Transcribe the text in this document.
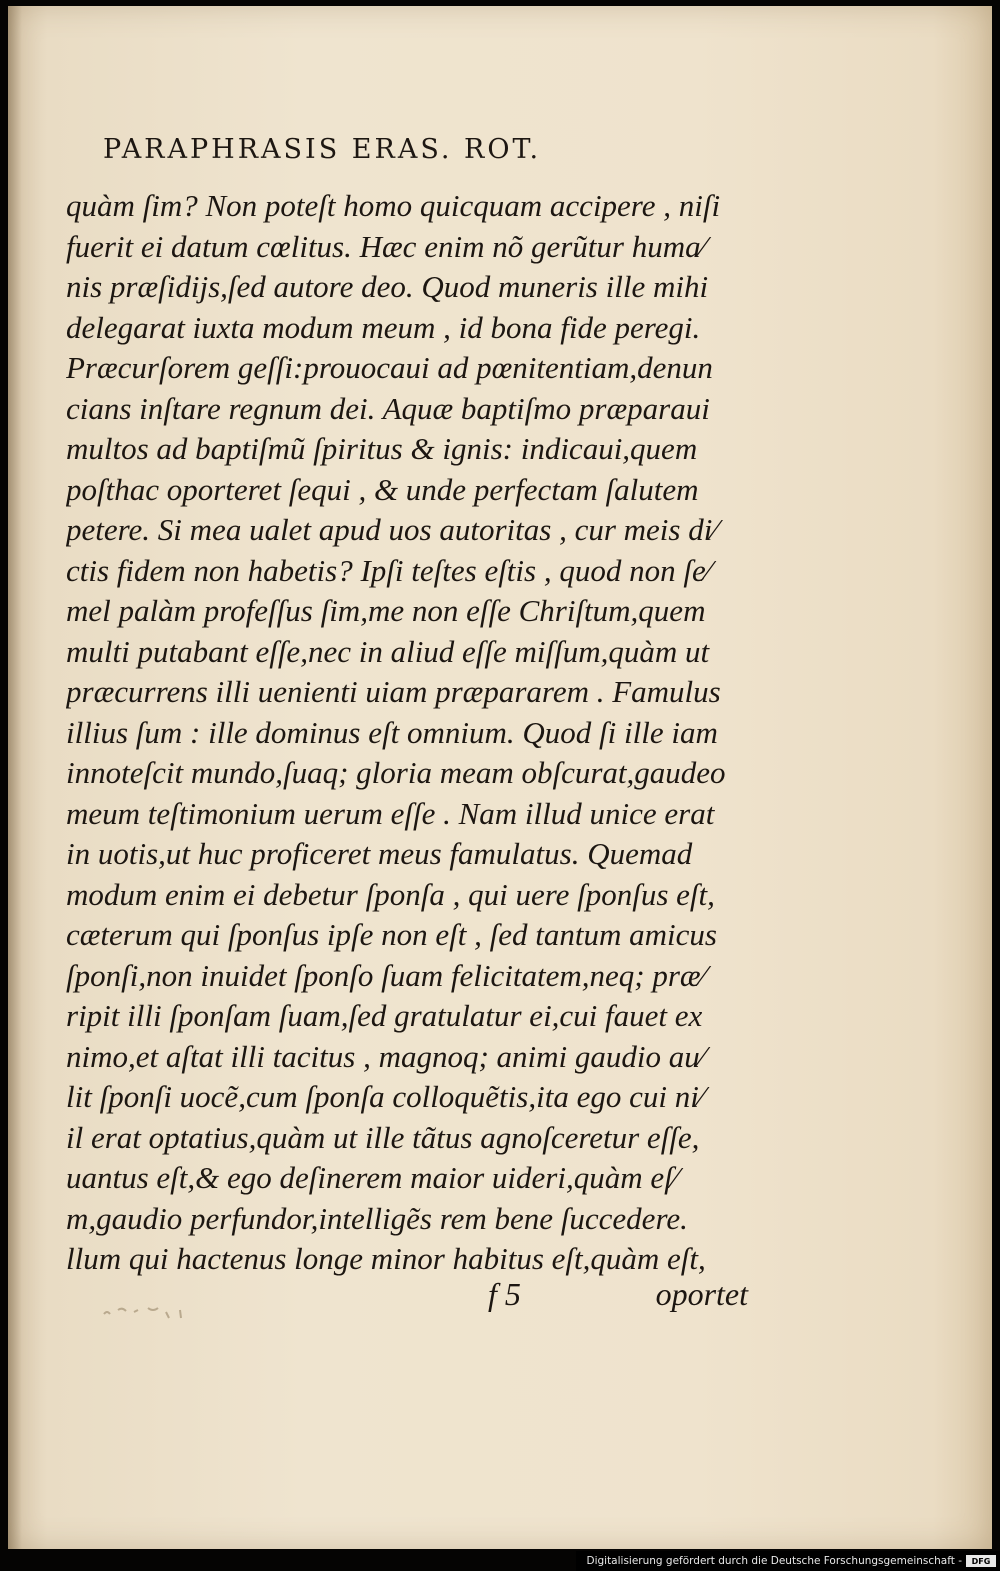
PARAPHRASIS ERAS. ROT.
quàm ſim? Non poteſt homo quicquam accipere , niſi
fuerit ei datum cœlitus. Hæc enim nõ gerũtur huma⁄
nis præſidijs,ſed autore deo. Quod muneris ille mihi
delegarat iuxta modum meum , id bona fide peregi.
Præcurſorem geſſi:prouocaui ad pœnitentiam,denun
cians inſtare regnum dei. Aquæ baptiſmo præparaui
multos ad baptiſmũ ſpiritus & ignis: indicaui,quem
poſthac oporteret ſequi , & unde perfectam ſalutem
petere. Si mea ualet apud uos autoritas , cur meis di⁄
ctis fidem non habetis? Ipſi teſtes eſtis , quod non ſe⁄
mel palàm profeſſus ſim,me non eſſe Chriſtum,quem
multi putabant eſſe,nec in aliud eſſe miſſum,quàm ut
præcurrens illi uenienti uiam præpararem . Famulus
illius ſum : ille dominus eſt omnium. Quod ſi ille iam
innoteſcit mundo,ſuaq; gloria meam obſcurat,gaudeo
meum teſtimonium uerum eſſe . Nam illud unice erat
in uotis,ut huc proficeret meus famulatus. Quemad
modum enim ei debetur ſponſa , qui uere ſponſus eſt,
cæterum qui ſponſus ipſe non eſt , ſed tantum amicus
ſponſi,non inuidet ſponſo ſuam felicitatem,neq; præ⁄
ripit illi ſponſam ſuam,ſed gratulatur ei,cui fauet ex
nimo,et aſtat illi tacitus , magnoq; animi gaudio au⁄
lit ſponſi uocẽ,cum ſponſa colloquẽtis,ita ego cui ni⁄
il erat optatius,quàm ut ille tãtus agnoſceretur eſſe,
uantus eſt,& ego deſinerem maior uideri,quàm eſ⁄
m,gaudio perfundor,intelligẽs rem bene ſuccedere.
llum qui hactenus longe minor habitus eſt,quàm eſt,
f 5	oportet
Digitalisierung gefördert durch die Deutsche Forschungsgemeinschaft -	DFG
